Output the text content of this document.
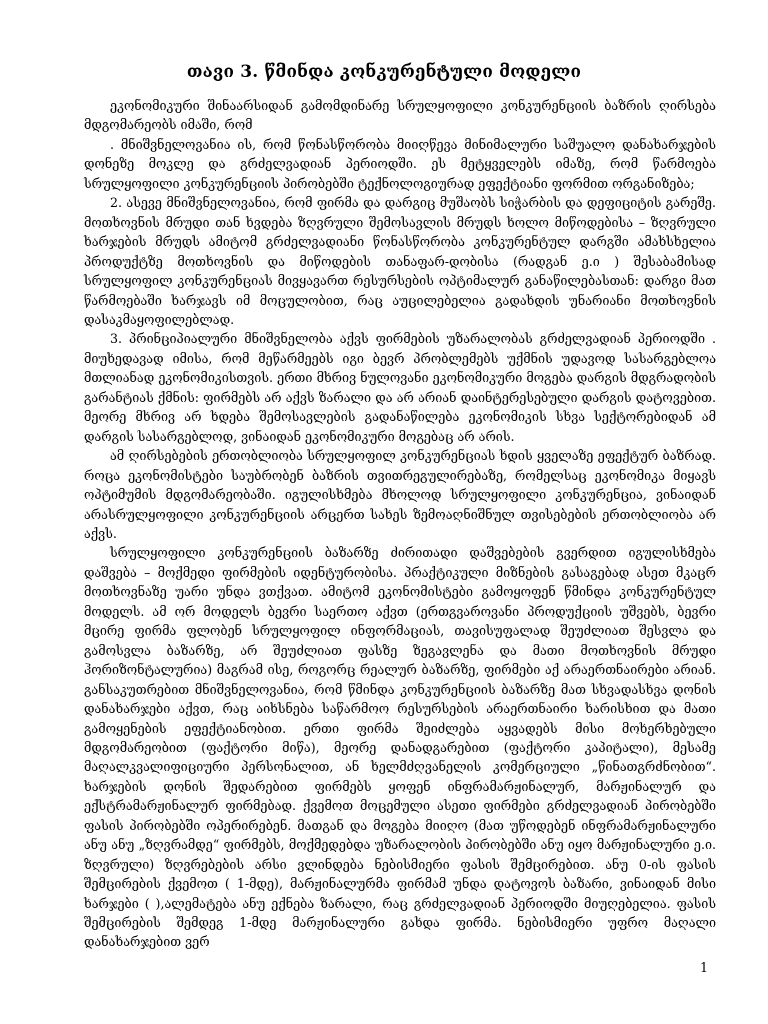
თავი 3. წმინდა კონკურენტული მოდელი

ეკონომიკური შინაარსიდან გამომდინარე სრულყოფილი კონკურენციის ბაზრის ღირსება მდგომარეობს იმაში, რომ

. მნიშვნელოვანია ის, რომ წონასწორობა მიიღწევა მინიმალური საშუალო დანახარჯების დონეზე მოკლე და გრძელვადიან პერიოდში. ეს მეტყველებს იმაზე, რომ წარმოება სრულყოფილი კონკურენციის პირობებში ტექნოლოგიურად ეფექტიანი ფორმით ორგანიზება;

2. ასევე მნიშვნელოვანია, რომ ფირმა და დარგიც მუშაობს სიჭარბის და დეფიციტის გარეშე. მოთხოვნის მრუდი თან ხვდება ზღვრული შემოსავლის მრუდს ხოლო მიწოდებისა – ზღვრული ხარჯების მრუდს ამიტომ გრძელვადიანი წონასწორობა კონკურენტულ დარგში ამახსხელია პროდუქტზე მოთხოვნის და მიწოდების თანაფარ-დობისა (რადგან ე.ი ) შესაბამისად სრულყოფილ კონკურენციას მივყავართ რესურსების ოპტიმალურ განაწილებასთან: დარგი მათ წარმოებაში ხარჯავს იმ მოცულობით, რაც აუცილებელია გადახდის უნარიანი მოთხოვნის დასაკმაყოფილებლად.

3. პრინციპიალური მნიშვნელობა აქვს ფირმების უზარალობას გრძელვადიან პერიოდში . მიუხედავად იმისა, რომ მეწარმეებს იგი ბევრ პრობლემებს უქმნის უდავოდ სასარგებლოა მთლიანად ეკონომიკისთვის. ერთი მხრივ ნულოვანი ეკონომიკური მოგება დარგის მდგრადობის გარანტიას ქმნის: ფირმებს არ აქვს ზარალი და არ არიან დაინტერესებული დარგის დატოვებით. მეორე მხრივ არ ხდება შემოსავლების გადანაწილება ეკონომიკის სხვა სექტორებიდან ამ დარგის სასარგებლოდ, ვინაიდან ეკონომიკური მოგებაც არ არის.

ამ ღირსებების ერთობლიობა სრულყოფილ კონკურენციას ხდის ყველაზე ეფექტურ ბაზრად. როცა ეკონომისტები საუბრობენ ბაზრის თვითრეგულირებაზე, რომელსაც ეკონომიკა მიყავს ოპტიმუმის მდგომარეობაში. იგულისხმება მხოლოდ სრულყოფილი კონკურენცია, ვინაიდან არასრულყოფილი კონკურენციის არცერთ სახეს ზემოაღნიშნულ თვისებების ერთობლიობა არ აქვს.

სრულყოფილი კონკურენციის ბაზარზე ძირითადი დაშვებების გვერდით იგულისხმება დაშვება – მოქმედი ფირმების იდენტურობისა. პრაქტიკული მიზნების გასაგებად ასეთ მკაცრ მოთხოვნაზე უარი უნდა ვთქვათ. ამიტომ ეკონომისტები გამოყოფენ წმინდა კონკურენტულ მოდელს. ამ ორ მოდელს ბევრი საერთო აქვთ (ერთგვაროვანი პროდუქციის უშვებს, ბევრი მცირე ფირმა ფლობენ სრულყოფილ ინფორმაციას, თავისუფალად შეუძლიათ შესვლა და გამოსვლა ბაზარზე, არ შეუძლიათ ფასზე ზეგავლენა და მათი მოთხოვნის მრუდი ჰორიზონტალურია) მაგრამ ისე, როგორც რეალურ ბაზარზე, ფირმები აქ არაერთნაირები არიან. განსაკუთრებით მნიშვნელოვანია, რომ წმინდა კონკურენციის ბაზარზე მათ სხვადასხვა დონის დანახარჯები აქვთ, რაც აიხსნება საწარმოო რესურსების არაერთნაირი ხარისხით და მათი გამოყენების ეფექტიანობით. ერთი ფირმა შეიძლება აყვადებს მისი მოხერხებული მდგომარეობით (ფაქტორი მიწა), მეორე დანადგარებით (ფაქტორი კაპიტალი), მესამე მაღალკვალიფიციური პერსონალით, ან ხელმძღვანელის კომერციული „წინათგრძნობით“. ხარჯების დონის შედარებით ფირმებს ყოფენ ინფრამარჟინალურ, მარჟინალურ და ექსტრამარჟინალურ ფირმებად. ქვემოთ მოცემული ასეთი ფირმები გრძელვადიან პირობებში ფასის პირობებში ოპერირებენ. მათგან და მოგება მიიღო (მათ უწოდებენ ინფრამარჟინალური ანუ ანუ „ზღვრამდე“ ფირმებს, მოქმედებდა უზარალობის პირობებში ანუ იყო მარჟინალური ე.ი. ზღვრული) ზღვრებების არსი ვლინდება ნებისმიერი ფასის შემცირებით. ანუ 0-ის ფასის შემცირების ქვემოთ ( 1-მდე), მარჟინალურმა ფირმამ უნდა დატოვოს ბაზარი, ვინაიდან მისი ხარჯები ( ),ალემატება ანუ ექნება ზარალი, რაც გრძელვადიან პერიოდში მიუღებელია. ფასის შემცირების შემდეგ 1-მდე მარჟინალური გახდა ფირმა. ნებისმიერი უფრო მაღალი დანახარჯებით ვერ

1
